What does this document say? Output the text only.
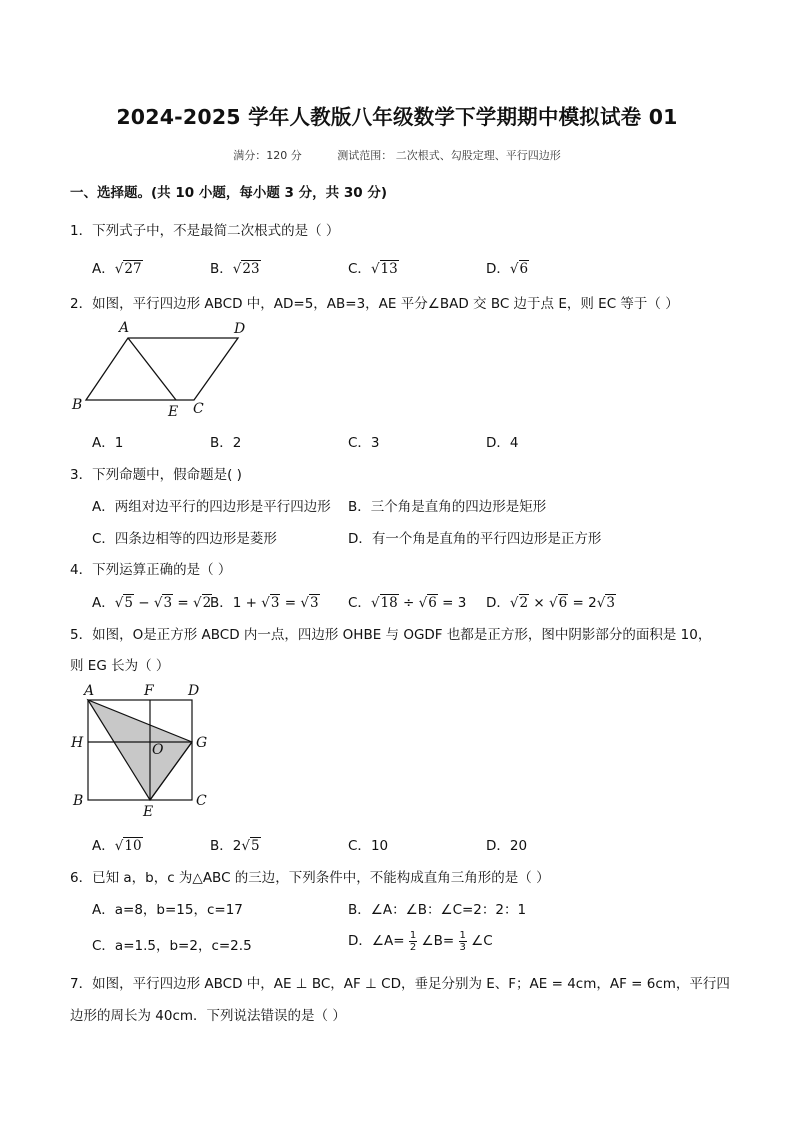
2024-2025 学年人教版八年级数学下学期期中模拟试卷 01
满分：120 分	测试范围： 二次根式、勾股定理、平行四边形
一、选择题。(共 10 小题，每小题 3 分，共 30 分)
1．下列式子中，不是最简二次根式的是（ ）
A．√27	B．√23	C．√13	D．√6
2．如图，平行四边形 ABCD 中，AD=5，AB=3，AE 平分∠BAD 交 BC 边于点 E，则 EC 等于（ ）
A	D
B	E C
A．1	B．2	C．3	D．4
3．下列命题中，假命题是( )
A．两组对边平行的四边形是平行四边形 B．三个角是直角的四边形是矩形
C．四条边相等的四边形是菱形	D．有一个角是直角的平行四边形是正方形
4．下列运算正确的是（ ）
A．√5 − √3 = √2
B．1 + √3 = √3 C．√18 ÷ √6 = 3 D．√2 × √6 = 2√3
5．如图，O是正方形 ABCD 内一点，四边形 OHBE 与 OGDF 也都是正方形，图中阴影部分的面积是 10，
则 EG 长为（ ）
A	F D
H	O G
B
E
C
A．√10	B．2√5	C．10	D．20
6．已知 a，b，c 为△ABC 的三边，下列条件中，不能构成直角三角形的是（ ）
A．a=8，b=15，c=17	B．∠A：∠B：∠C=2：2：1
C．a=1.5，b=2，c=2.5	D．∠A= $\frac{1}{2}$ ∠B= $\frac{1}{3}$ ∠C
7．如图，平行四边形 ABCD 中，AE ⊥ BC，AF ⊥ CD，垂足分别为 E、F；AE = 4cm，AF = 6cm，平行四
边形的周长为 40cm．下列说法错误的是（ ）
